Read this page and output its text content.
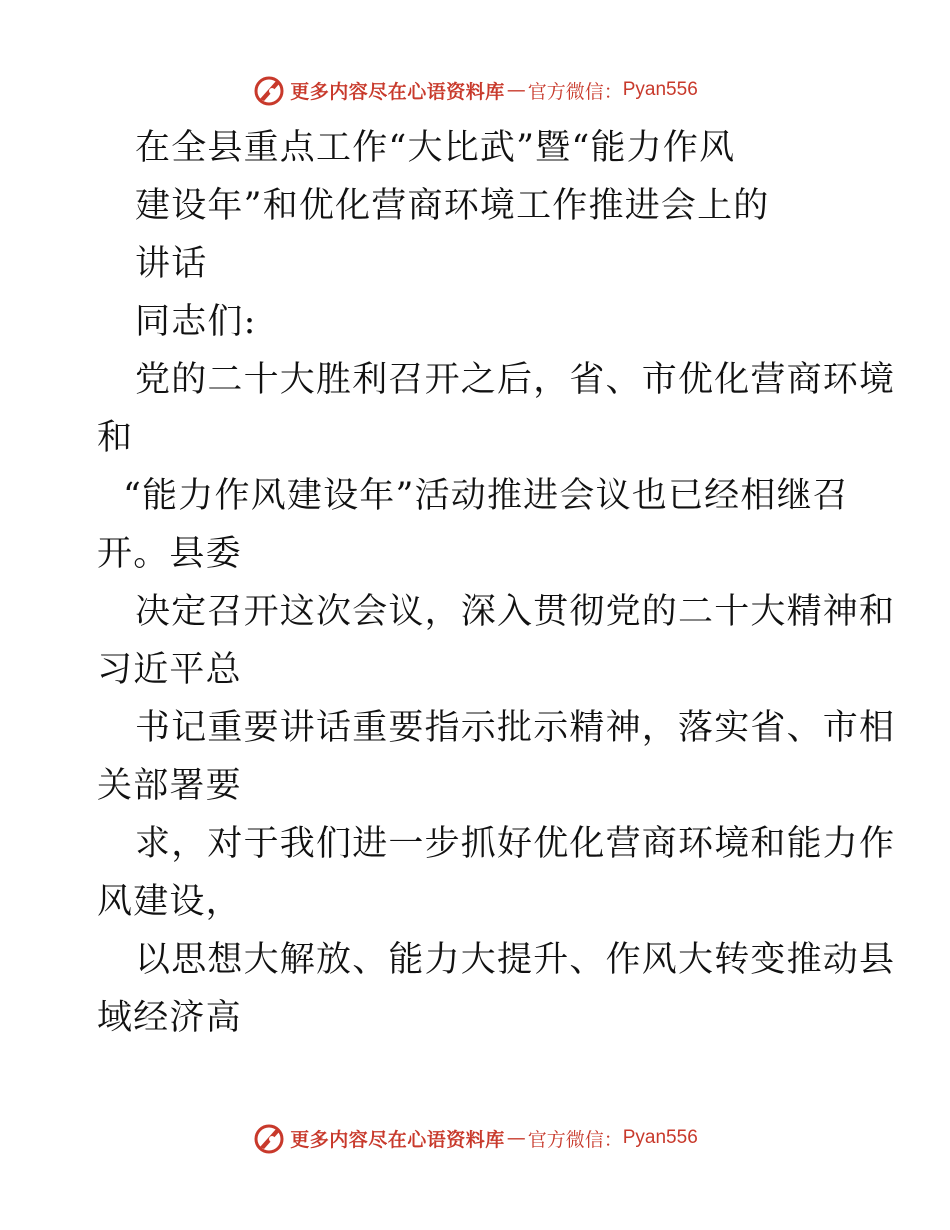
更多内容尽在心语资料库 — 官方微信： Pyan556
在全县重点工作“大比武”暨“能力作风
建设年”和优化营商环境工作推进会上的
讲话
同志们:
党的二十大胜利召开之后，省、市优化营商环境
和
“能力作风建设年”活动推进会议也已经相继召
开。县委
决定召开这次会议，深入贯彻党的二十大精神和
习近平总
书记重要讲话重要指示批示精神，落实省、市相
关部署要
求，对于我们进一步抓好优化营商环境和能力作
风建设，
以思想大解放、能力大提升、作风大转变推动县
域经济高
更多内容尽在心语资料库 — 官方微信： Pyan556
